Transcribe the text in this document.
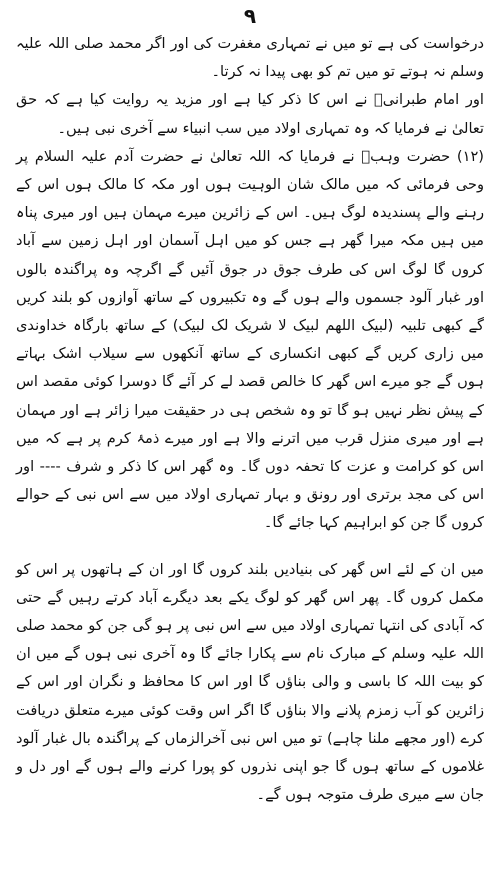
۹

درخواست کی ہے تو میں نے تمہاری مغفرت کی اور اگر محمد صلی اللہ علیہ وسلم نہ ہوتے تو میں تم کو بھی پیدا نہ کرتا۔

اور امام طبرانیؒ نے اس کا ذکر کیا ہے اور مزید یہ روایت کیا ہے کہ حق تعالیٰ نے فرمایا کہ وہ تمہاری اولاد میں سب انبیاء سے آخری نبی ہیں۔

(۱۲) حضرت وہبؒ نے فرمایا کہ اللہ تعالیٰ نے حضرت آدم علیہ السلام پر وحی فرمائی کہ میں مالک شان الوہیت ہوں اور مکہ کا مالک ہوں اس کے رہنے والے پسندیدہ لوگ ہیں۔ اس کے زائرین میرے مہمان ہیں اور میری پناہ میں ہیں مکہ میرا گھر ہے جس کو میں اہل آسمان اور اہل زمین سے آباد کروں گا لوگ اس کی طرف جوق در جوق آئیں گے اگرچہ وہ پراگندہ بالوں اور غبار آلود جسموں والے ہوں گے وہ تکبیروں کے ساتھ آوازوں کو بلند کریں گے کبھی تلبیہ (لبیک اللھم لبیک لا شریک لک لبیک) کے ساتھ بارگاہ خداوندی میں زاری کریں گے کبھی انکساری کے ساتھ آنکھوں سے سیلاب اشک بہاتے ہوں گے جو میرے اس گھر کا خالص قصد لے کر آئے گا دوسرا کوئی مقصد اس کے پیش نظر نہیں ہو گا تو وہ شخص ہی در حقیقت میرا زائر ہے اور مہمان ہے اور میری منزل قرب میں اترنے والا ہے اور میرے ذمۂ کرم پر ہے کہ میں اس کو کرامت و عزت کا تحفہ دوں گا۔ وہ گھر اس کا ذکر و شرف ---- اور اس کی مجد برتری اور رونق و بہار تمہاری اولاد میں سے اس نبی کے حوالے کروں گا جن کو ابراہیم کہا جائے گا۔

میں ان کے لئے اس گھر کی بنیادیں بلند کروں گا اور ان کے ہاتھوں پر اس کو مکمل کروں گا۔ پھر اس گھر کو لوگ یکے بعد دیگرے آباد کرتے رہیں گے حتی کہ آبادی کی انتہا تمہاری اولاد میں سے اس نبی پر ہو گی جن کو محمد صلی اللہ علیہ وسلم کے مبارک نام سے پکارا جائے گا وہ آخری نبی ہوں گے میں ان کو بیت اللہ کا باسی و والی بناؤں گا اور اس کا محافظ و نگران اور اس کے زائرین کو آب زمزم پلانے والا بناؤں گا اگر اس وقت کوئی میرے متعلق دریافت کرے (اور مجھے ملنا چاہے) تو میں اس نبی آخرالزماں کے پراگندہ بال غبار آلود غلاموں کے ساتھ ہوں گا جو اپنی نذروں کو پورا کرنے والے ہوں گے اور دل و جان سے میری طرف متوجہ ہوں گے۔
